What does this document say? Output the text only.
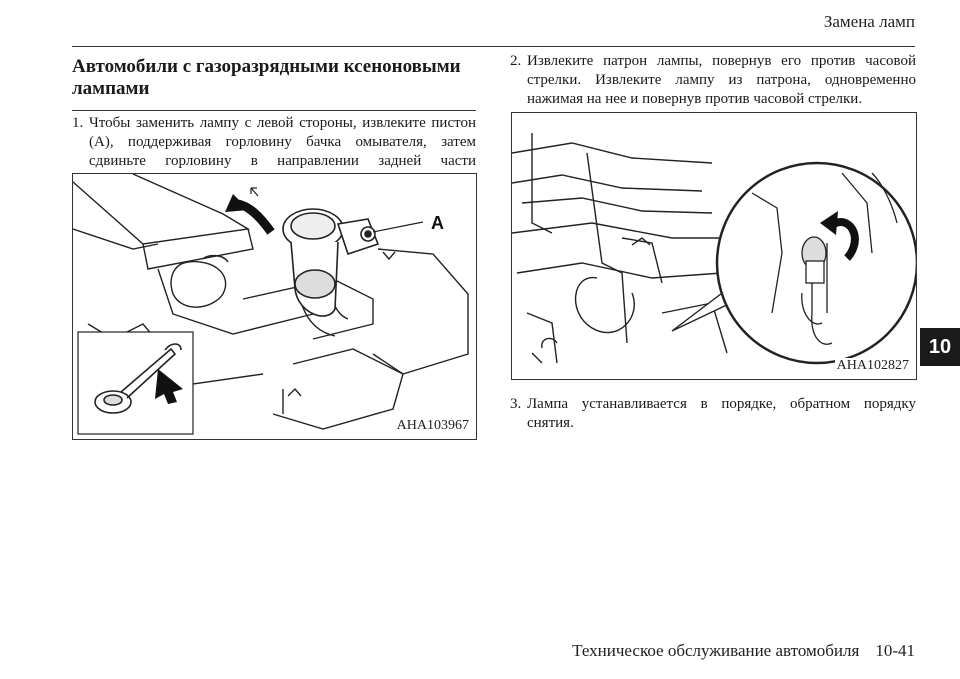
Замена ламп
Автомобили с газоразрядными ксеноновыми лампами
1. Чтобы заменить лампу с левой стороны, извлеките пистон (А), поддерживая горловину бачка омывателя, затем сдвиньте горловину в направлении задней части
A
AHA103967
2. Извлеките патрон лампы, повернув его против часовой стрелки. Извлеките лампу из патрона, одновременно нажимая на нее и повернув против часовой стрелки.
AHA102827
3. Лампа устанавливается в порядке, обратном порядку снятия.
10
Техническое обслуживание автомобиля 10-41
